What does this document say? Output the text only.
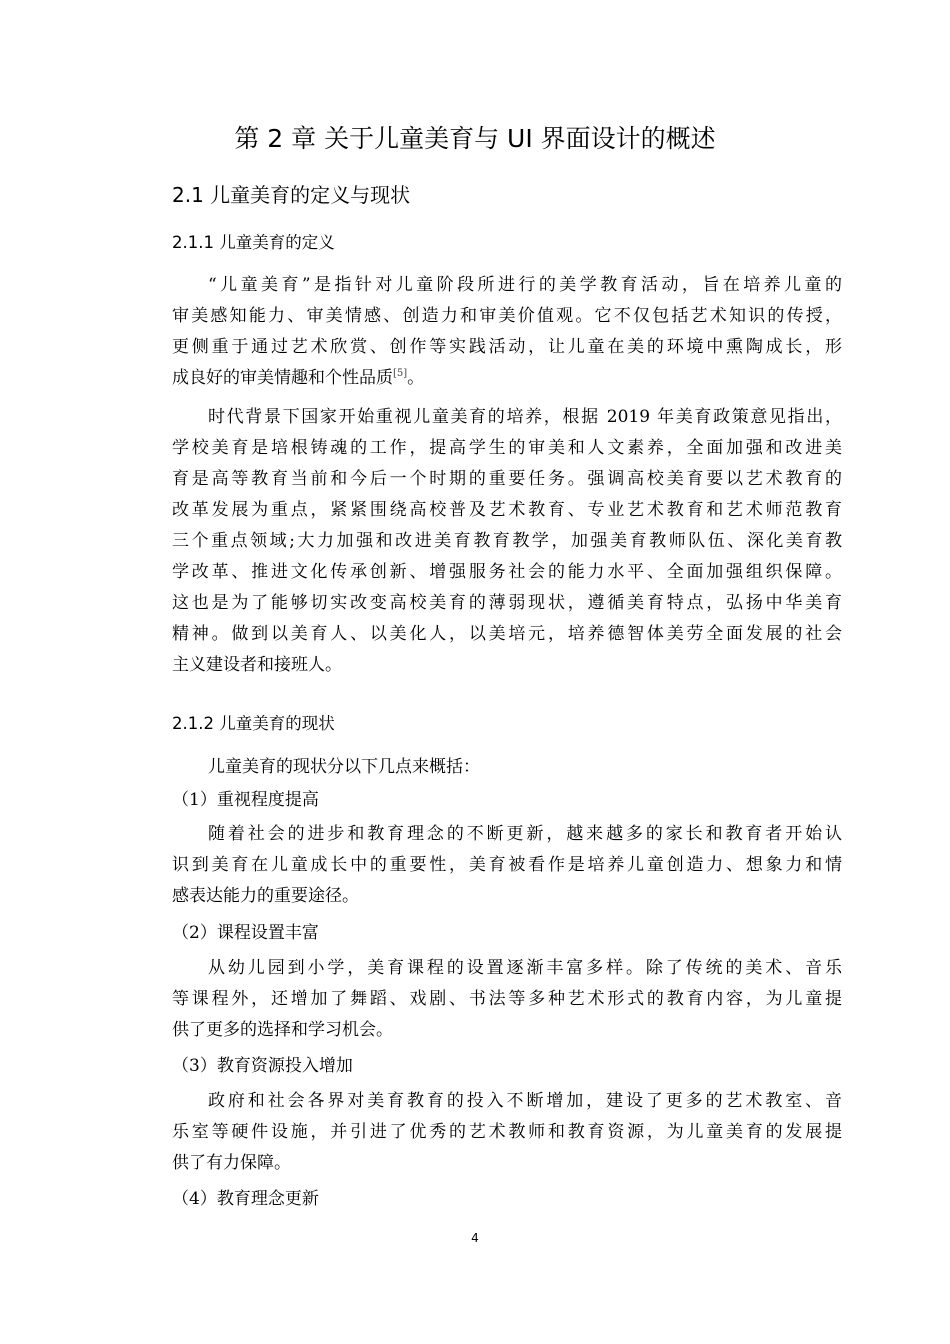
第 2 章 关于儿童美育与 UI 界面设计的概述
2.1 儿童美育的定义与现状
2.1.1 儿童美育的定义
“儿童美育”是指针对儿童阶段所进行的美学教育活动，旨在培养儿童的
审美感知能力、审美情感、创造力和审美价值观。它不仅包括艺术知识的传授，
更侧重于通过艺术欣赏、创作等实践活动，让儿童在美的环境中熏陶成长，形
成良好的审美情趣和个性品质[5]。
时代背景下国家开始重视儿童美育的培养，根据 2019 年美育政策意见指出，
学校美育是培根铸魂的工作，提高学生的审美和人文素养，全面加强和改进美
育是高等教育当前和今后一个时期的重要任务。强调高校美育要以艺术教育的
改革发展为重点，紧紧围绕高校普及艺术教育、专业艺术教育和艺术师范教育
三个重点领域;大力加强和改进美育教育教学，加强美育教师队伍、深化美育教
学改革、推进文化传承创新、增强服务社会的能力水平、全面加强组织保障。
这也是为了能够切实改变高校美育的薄弱现状，遵循美育特点，弘扬中华美育
精神。做到以美育人、以美化人，以美培元，培养德智体美劳全面发展的社会
主义建设者和接班人。
2.1.2 儿童美育的现状
儿童美育的现状分以下几点来概括：
（1）重视程度提高
随着社会的进步和教育理念的不断更新，越来越多的家长和教育者开始认
识到美育在儿童成长中的重要性，美育被看作是培养儿童创造力、想象力和情
感表达能力的重要途径。
（2）课程设置丰富
从幼儿园到小学，美育课程的设置逐渐丰富多样。除了传统的美术、音乐
等课程外，还增加了舞蹈、戏剧、书法等多种艺术形式的教育内容，为儿童提
供了更多的选择和学习机会。
（3）教育资源投入增加
政府和社会各界对美育教育的投入不断增加，建设了更多的艺术教室、音
乐室等硬件设施，并引进了优秀的艺术教师和教育资源，为儿童美育的发展提
供了有力保障。
（4）教育理念更新
4
